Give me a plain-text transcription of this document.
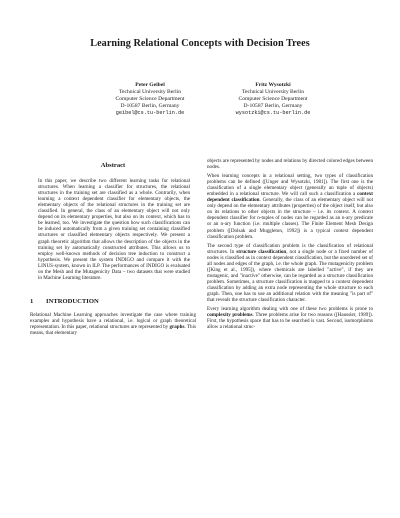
Learning Relational Concepts with Decision Trees
Peter Geibel
Technical University Berlin
Computer Science Department
D-10587 Berlin, Germany
geibel@cs.tu-berlin.de
Fritz Wysotzki
Technical University Berlin
Computer Science Department
D-10587 Berlin, Germany
wysotzki@cs.tu-berlin.de
Abstract

In this paper, we describe two different learning tasks for relational structures. When learning a classifier for structures, the relational structures in the training set are classified as a whole. Contrarily, when learning a context dependent classifier for elementary objects, the elementary objects of the relational structures in the training set are classified. In general, the class of an elementary object will not only depend on its elementary properties, but also on its context, which has to be learned, too. We investigate the question how such classifications can be induced automatically from a given training set containing classified structures or classified elementary objects respectively. We present a graph theoretic algorithm that allows the description of the objects in the training set by automatically constructed attributes. This allows us to employ well-known methods of decision tree induction to construct a hypothesis. We present the system INDIGO and compare it with the LINUS-system, known in ILP. The performances of INDIGO is evaluated on the Mesh and the Mutagenicity Data – two datasets that were studied in Machine Learning literature.

1 INTRODUCTION

Relational Machine Learning approaches investigate the case where training examples and hypothesis have a relational, i.e. logical or graph theoretical representation. In this paper, relational structures are represented by graphs. This means, that elementary

objects are represented by nodes and relations by directed colored edges between nodes.

When learning concepts in a relational setting, two types of classification problems can be defined ([Unger and Wysotzki, 1981]). The first one is the classification of a single elementary object (generally an tuple of objects) embedded in a relational structure. We will call such a classification a context dependent classification. Generally, the class of an elementary object will not only depend on the elementary attributes (properties) of the object itself, but also on its relations to other objects in the structure – i.e. its context. A context dependent classifier for n-tuples of nodes can be regarded as an n-ary predicate or an n-ary function (i.e. multiple classes). The Finite Element Mesh Design problem ([Dolsak and Muggleton, 1992]) is a typical context dependent classification problem.

The second type of classification problem is the classification of relational structures. In structure classification, not a single node or a fixed number of nodes is classified as in context dependent classification, but the unordered set of all nodes and edges of the graph, i.e. the whole graph. The mutagenicity problem ([King et al., 1995]), where chemicals are labelled "active", if they are mutagenic, and "inactive" otherwise, can be regarded as a structure classification problem. Sometimes, a structure classification is mapped to a context dependent classification by adding an extra node representing the whole structure to each graph. Then, one has to use an additional relation with the meaning "is part of" that reveals the structure classification character.

Every learning algorithm dealing with one of these two problems is prone to complexity problems. Three problems arise for two reasons ([Haussler, 1989]). First, the hypothesis space that has to be searched is vast. Second, isomorphisms allow a relational struc-
